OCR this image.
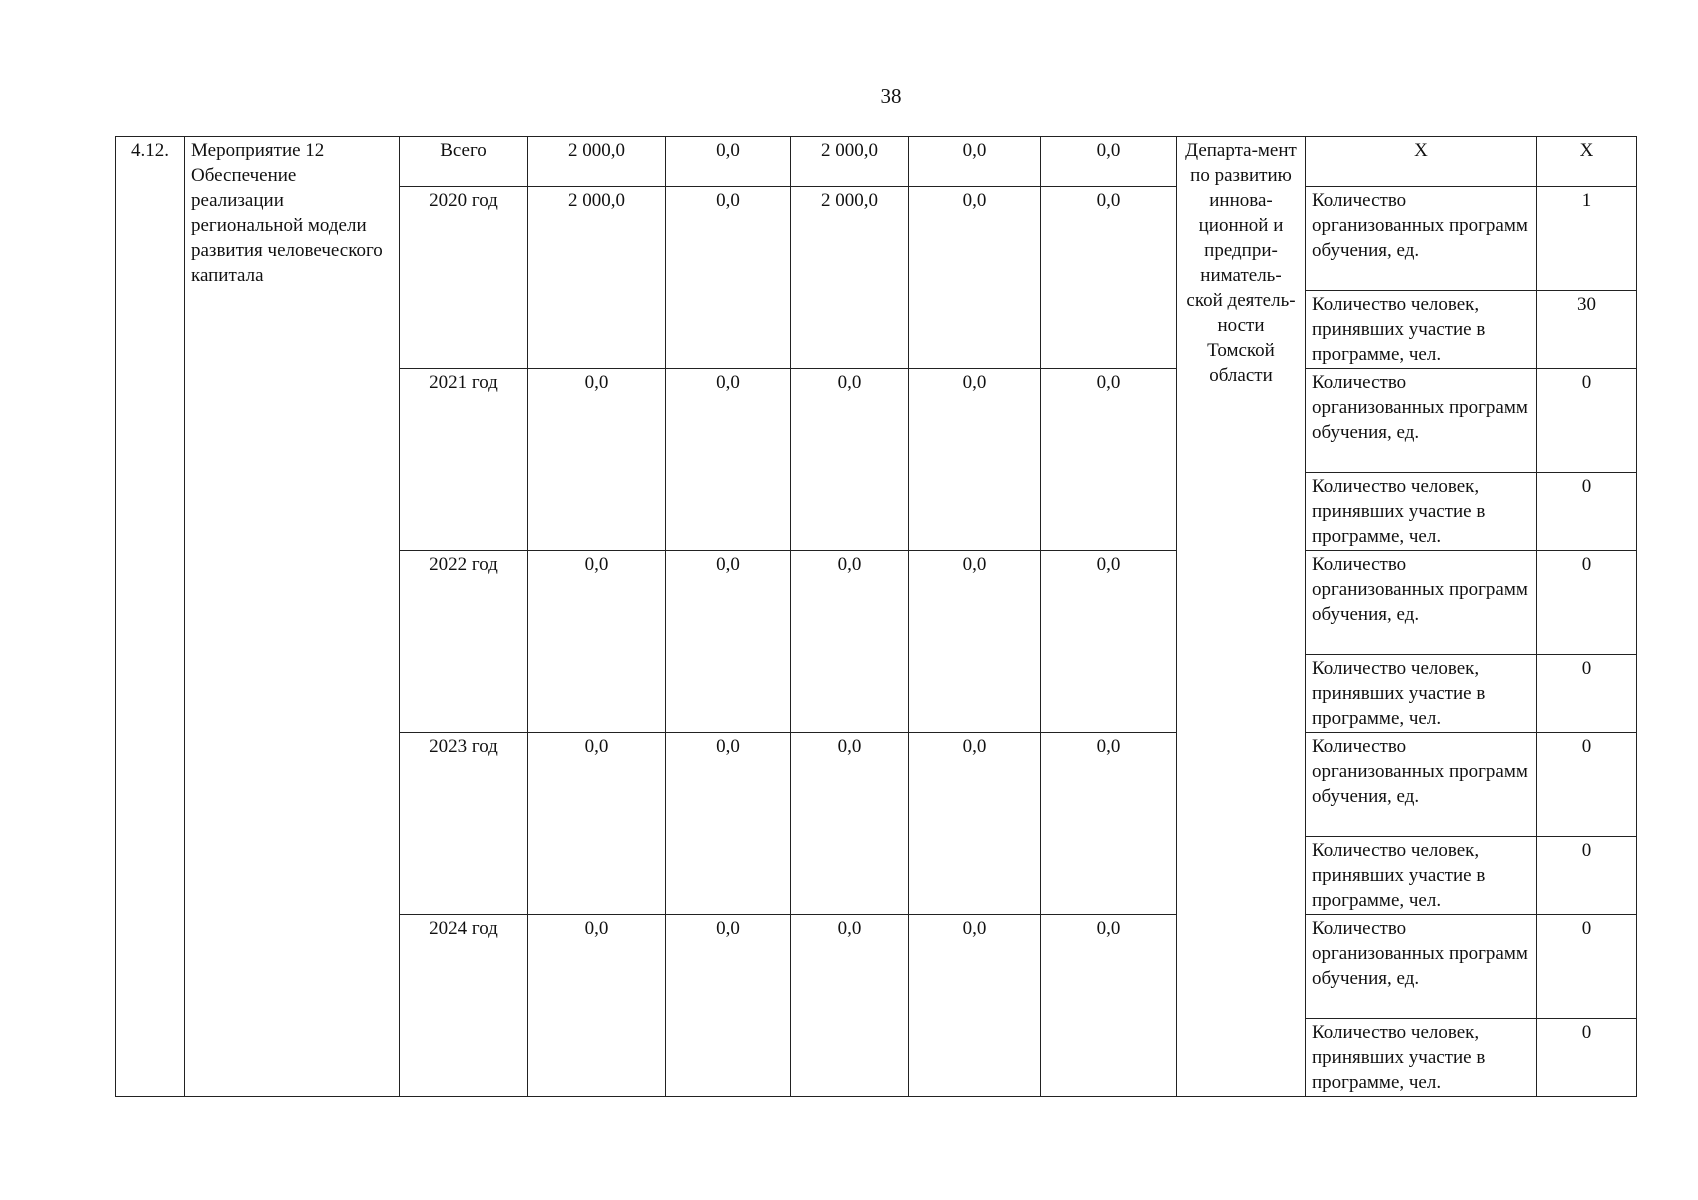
38
4.12.	Мероприятие 12 Обеспечение реализации региональной модели развития человеческого капитала	Всего	2 000,0	0,0	2 000,0	0,0	0,0	Департа-мент по развитию иннова-ционной и предпри-ниматель-ской деятель-ности Томской области	Х	Х
		2020 год	2 000,0	0,0	2 000,0	0,0	0,0		Количество организованных программ обучения, ед.	1
									Количество человек, принявших участие в программе, чел.	30
		2021 год	0,0	0,0	0,0	0,0	0,0		Количество организованных программ обучения, ед.	0
									Количество человек, принявших участие в программе, чел.	0
		2022 год	0,0	0,0	0,0	0,0	0,0		Количество организованных программ обучения, ед.	0
									Количество человек, принявших участие в программе, чел.	0
		2023 год	0,0	0,0	0,0	0,0	0,0		Количество организованных программ обучения, ед.	0
									Количество человек, принявших участие в программе, чел.	0
		2024 год	0,0	0,0	0,0	0,0	0,0		Количество организованных программ обучения, ед.	0
									Количество человек, принявших участие в программе, чел.	0
